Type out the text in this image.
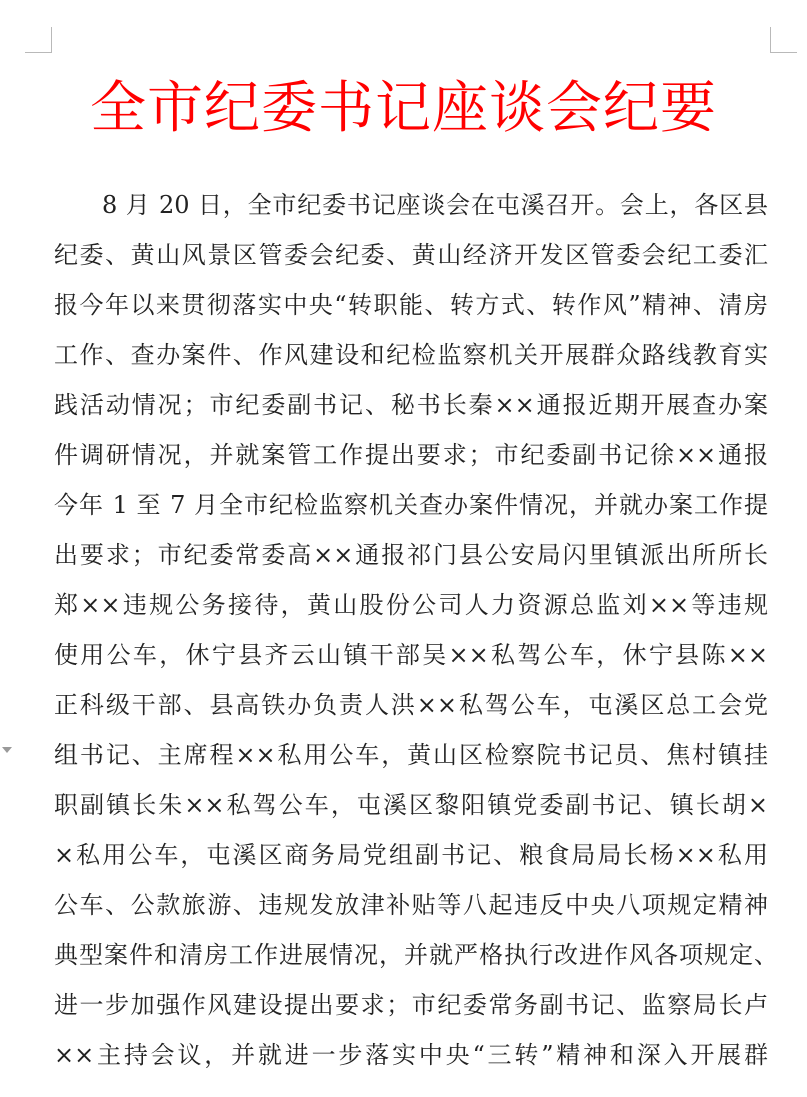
全市纪委书记座谈会纪要
8 月 20 日，全市纪委书记座谈会在屯溪召开。会上，各区县
纪委、黄山风景区管委会纪委、黄山经济开发区管委会纪工委汇
报今年以来贯彻落实中央“转职能、转方式、转作风”精神、清房
工作、查办案件、作风建设和纪检监察机关开展群众路线教育实
践活动情况；市纪委副书记、秘书长秦××通报近期开展查办案
件调研情况，并就案管工作提出要求；市纪委副书记徐××通报
今年 1 至 7 月全市纪检监察机关查办案件情况，并就办案工作提
出要求；市纪委常委高××通报祁门县公安局闪里镇派出所所长
郑××违规公务接待，黄山股份公司人力资源总监刘××等违规
使用公车，休宁县齐云山镇干部吴××私驾公车，休宁县陈××
正科级干部、县高铁办负责人洪××私驾公车，屯溪区总工会党
组书记、主席程××私用公车，黄山区检察院书记员、焦村镇挂
职副镇长朱××私驾公车，屯溪区黎阳镇党委副书记、镇长胡×
×私用公车，屯溪区商务局党组副书记、粮食局局长杨××私用
公车、公款旅游、违规发放津补贴等八起违反中央八项规定精神
典型案件和清房工作进展情况，并就严格执行改进作风各项规定、
进一步加强作风建设提出要求；市纪委常务副书记、监察局长卢
××主持会议，并就进一步落实中央“三转”精神和深入开展群
